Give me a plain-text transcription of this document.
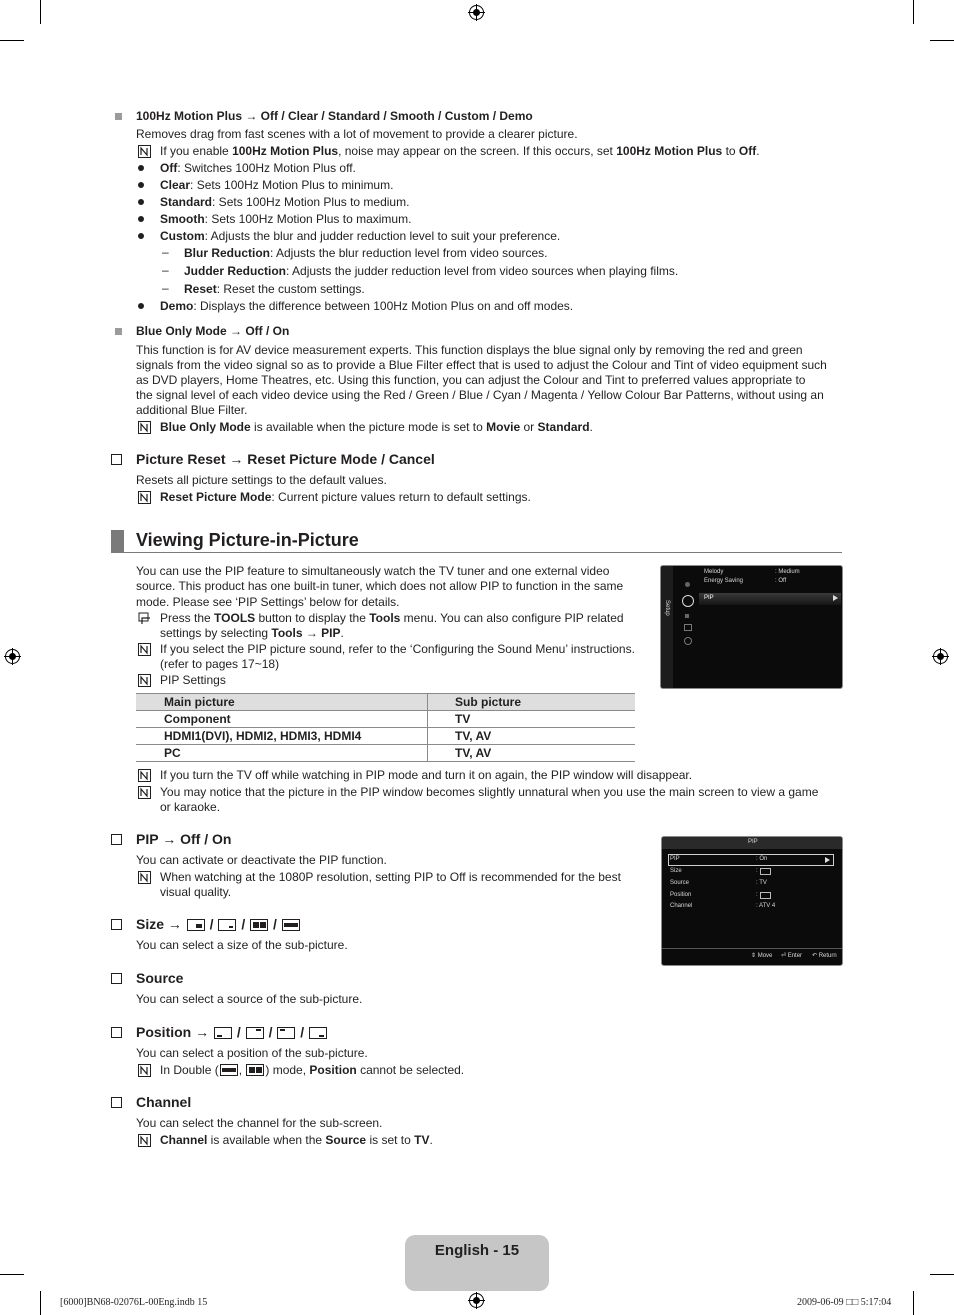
100Hz Motion Plus → Off / Clear / Standard / Smooth / Custom / Demo
Removes drag from fast scenes with a lot of movement to provide a clearer picture.
If you enable 100Hz Motion Plus, noise may appear on the screen. If this occurs, set 100Hz Motion Plus to Off.
Off: Switches 100Hz Motion Plus off.
Clear: Sets 100Hz Motion Plus to minimum.
Standard: Sets 100Hz Motion Plus to medium.
Smooth: Sets 100Hz Motion Plus to maximum.
Custom: Adjusts the blur and judder reduction level to suit your preference.
– Blur Reduction: Adjusts the blur reduction level from video sources.
– Judder Reduction: Adjusts the judder reduction level from video sources when playing films.
– Reset: Reset the custom settings.
Demo: Displays the difference between 100Hz Motion Plus on and off modes.
Blue Only Mode → Off / On
This function is for AV device measurement experts. This function displays the blue signal only by removing the red and green
signals from the video signal so as to provide a Blue Filter effect that is used to adjust the Colour and Tint of video equipment such
as DVD players, Home Theatres, etc. Using this function, you can adjust the Colour and Tint to preferred values appropriate to
the signal level of each video device using the Red / Green / Blue / Cyan / Magenta / Yellow Colour Bar Patterns, without using an
additional Blue Filter.
Blue Only Mode is available when the picture mode is set to Movie or Standard.
Picture Reset → Reset Picture Mode / Cancel
Resets all picture settings to the default values.
Reset Picture Mode: Current picture values return to default settings.
Viewing Picture-in-Picture
You can use the PIP feature to simultaneously watch the TV tuner and one external video
source. This product has one built-in tuner, which does not allow PIP to function in the same
mode. Please see ‘PIP Settings’ below for details.
Press the TOOLS button to display the Tools menu. You can also configure PIP related
settings by selecting Tools → PIP.
If you select the PIP picture sound, refer to the ‘Configuring the Sound Menu’ instructions.
(refer to pages 17~18)
PIP Settings
Main picture	Sub picture
Component	TV
HDMI1(DVI), HDMI2, HDMI3, HDMI4	TV, AV
PC	TV, AV
If you turn the TV off while watching in PIP mode and turn it on again, the PIP window will disappear.
You may notice that the picture in the PIP window becomes slightly unnatural when you use the main screen to view a game
or karaoke.
Setup
Melody	: Medium
Energy Saving	: Off
PIP
PIP → Off / On
You can activate or deactivate the PIP function.
When watching at the 1080P resolution, setting PIP to Off is recommended for the best
visual quality.
PIP
PIP	: On
Size	:
Source	: TV
Position	:
Channel	: ATV 4
⇕ Move ⏎ Enter ↶ Return
Size →
/
/
/
You can select a size of the sub-picture.
Source
You can select a source of the sub-picture.
Position →
/
/
/
You can select a position of the sub-picture.
In Double ( ,
) mode, Position cannot be selected.
Channel
You can select the channel for the sub-screen.
Channel is available when the Source is set to TV.
English - 15
[6000]BN68-02076L-00Eng.indb 15	2009-06-09 □□ 5:17:04
